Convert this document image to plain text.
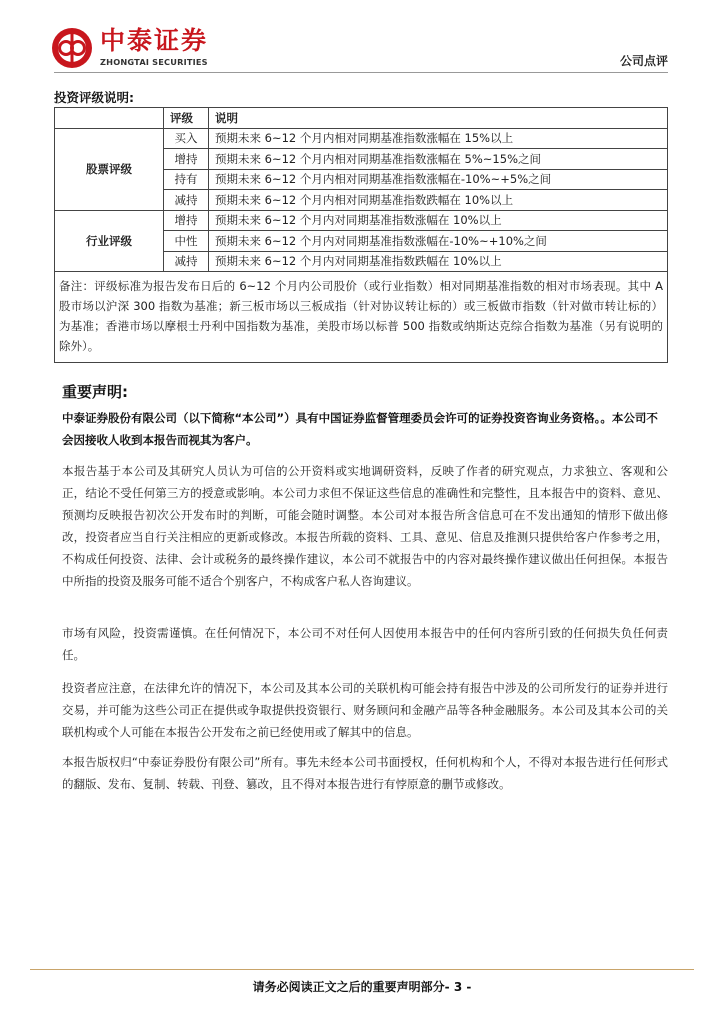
中泰证券
ZHONGTAI SECURITIES	公司点评
投资评级说明:
	评级	说明
股票评级	买入	预期未来 6~12 个月内相对同期基准指数涨幅在 15%以上
	增持	预期未来 6~12 个月内相对同期基准指数涨幅在 5%~15%之间
	持有	预期未来 6~12 个月内相对同期基准指数涨幅在-10%~+5%之间
	减持	预期未来 6~12 个月内相对同期基准指数跌幅在 10%以上
行业评级	增持	预期未来 6~12 个月内对同期基准指数涨幅在 10%以上
	中性	预期未来 6~12 个月内对同期基准指数涨幅在-10%~+10%之间
	减持	预期未来 6~12 个月内对同期基准指数跌幅在 10%以上
备注：评级标准为报告发布日后的 6~12 个月内公司股价（或行业指数）相对同期基准指数的相对市场表现。其中 A 股市场以沪深 300 指数为基准；新三板市场以三板成指（针对协议转让标的）或三板做市指数（针对做市转让标的）为基准；香港市场以摩根士丹利中国指数为基准，美股市场以标普 500 指数或纳斯达克综合指数为基准（另有说明的除外）。		
重要声明:
中泰证券股份有限公司（以下简称“本公司”）具有中国证券监督管理委员会许可的证券投资咨询业务资格。。本公司不会因接收人收到本报告而视其为客户。
本报告基于本公司及其研究人员认为可信的公开资料或实地调研资料，反映了作者的研究观点，力求独立、客观和公正，结论不受任何第三方的授意或影响。本公司力求但不保证这些信息的准确性和完整性，且本报告中的资料、意见、预测均反映报告初次公开发布时的判断，可能会随时调整。本公司对本报告所含信息可在不发出通知的情形下做出修改，投资者应当自行关注相应的更新或修改。本报告所载的资料、工具、意见、信息及推测只提供给客户作参考之用，不构成任何投资、法律、会计或税务的最终操作建议，本公司不就报告中的内容对最终操作建议做出任何担保。本报告中所指的投资及服务可能不适合个别客户，不构成客户私人咨询建议。
市场有风险，投资需谨慎。在任何情况下，本公司不对任何人因使用本报告中的任何内容所引致的任何损失负任何责任。
投资者应注意，在法律允许的情况下，本公司及其本公司的关联机构可能会持有报告中涉及的公司所发行的证券并进行交易，并可能为这些公司正在提供或争取提供投资银行、财务顾问和金融产品等各种金融服务。本公司及其本公司的关联机构或个人可能在本报告公开发布之前已经使用或了解其中的信息。
本报告版权归“中泰证券股份有限公司”所有。事先未经本公司书面授权，任何机构和个人，不得对本报告进行任何形式的翻版、发布、复制、转载、刊登、篡改，且不得对本报告进行有悖原意的删节或修改。
请务必阅读正文之后的重要声明部分- 3 -
